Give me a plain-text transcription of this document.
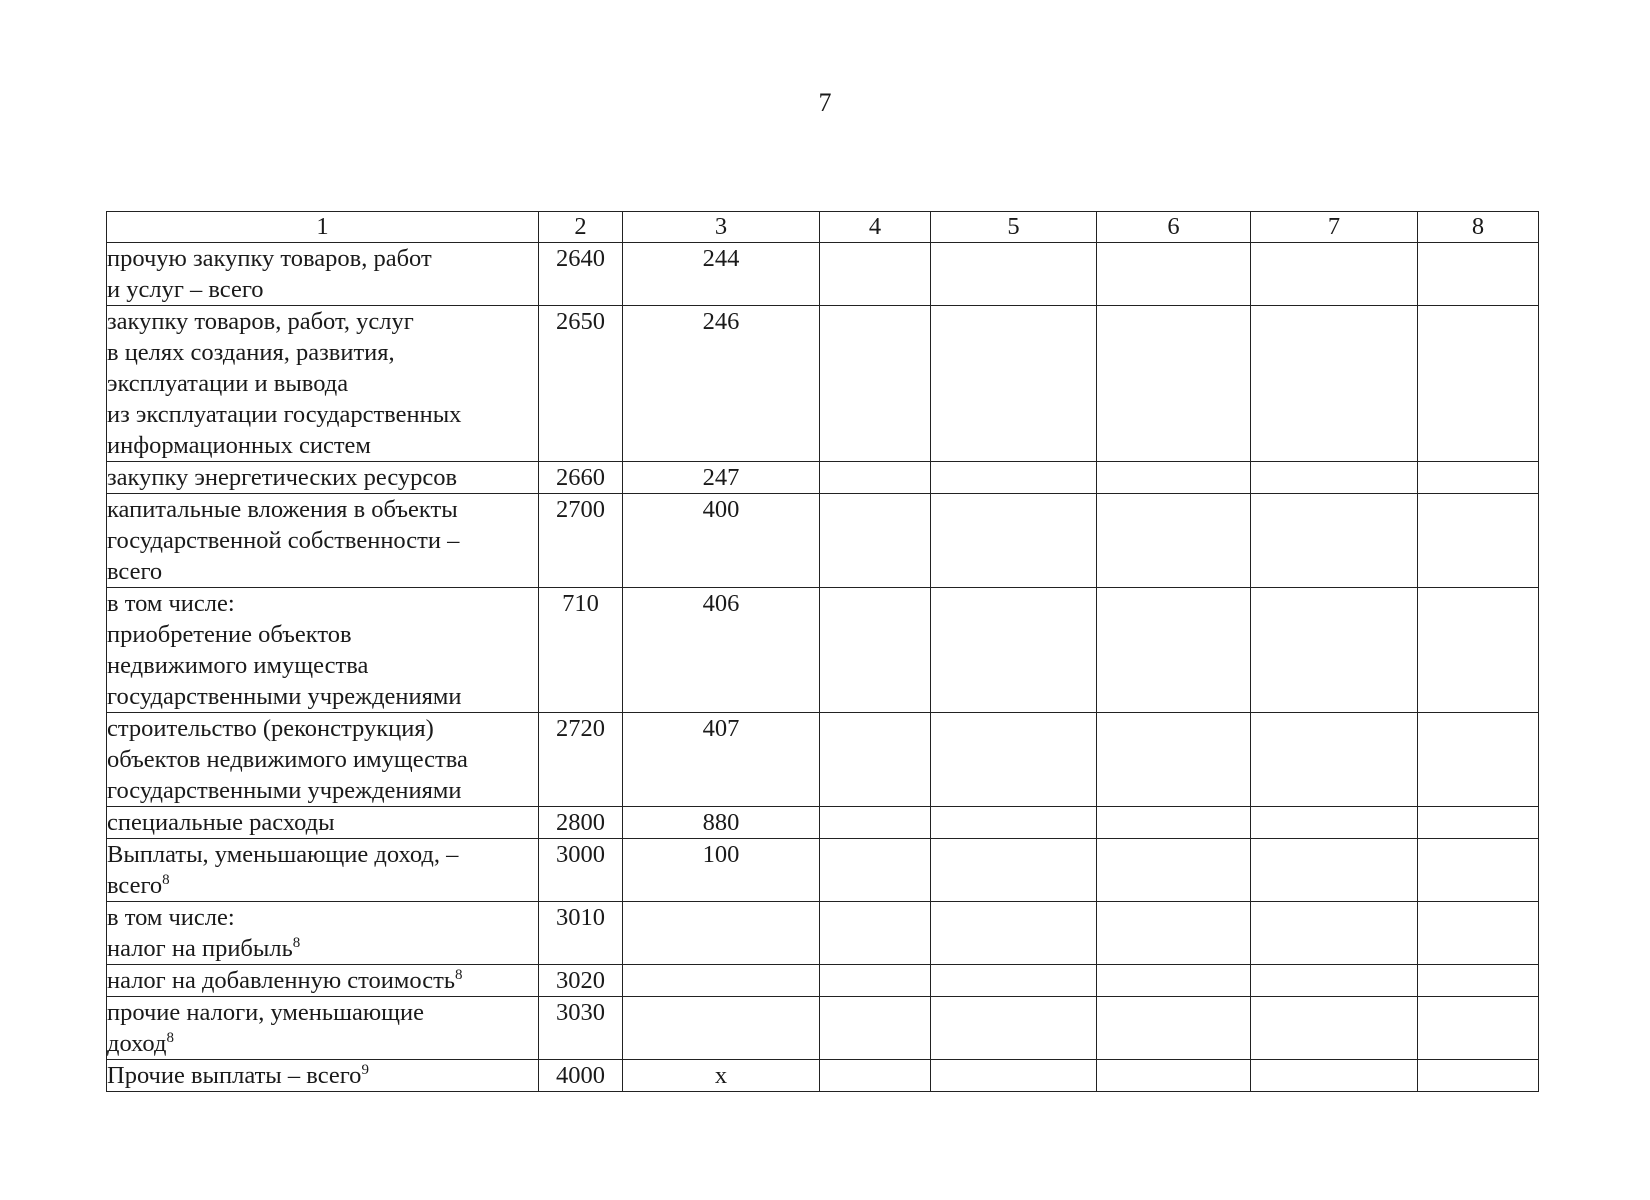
7
1	2	3	4	5	6	7	8
прочую закупку товаров, работ
и услуг – всего	2640	244					
закупку товаров, работ, услуг
в целях создания, развития,
эксплуатации и вывода
из эксплуатации государственных
информационных систем	2650	246					
закупку энергетических ресурсов	2660	247					
капитальные вложения в объекты
государственной собственности –
всего	2700	400					
в том числе:
приобретение объектов
недвижимого имущества
государственными учреждениями	710	406					
строительство (реконструкция)
объектов недвижимого имущества
государственными учреждениями	2720	407					
специальные расходы	2800	880					
Выплаты, уменьшающие доход, –
всего$^8$	3000	100					
в том числе:
налог на прибыль$^8$	3010						
налог на добавленную стоимость$^8$	3020						
прочие налоги, уменьшающие
доход$^8$	3030						
Прочие выплаты – всего$^9$	4000	x					
